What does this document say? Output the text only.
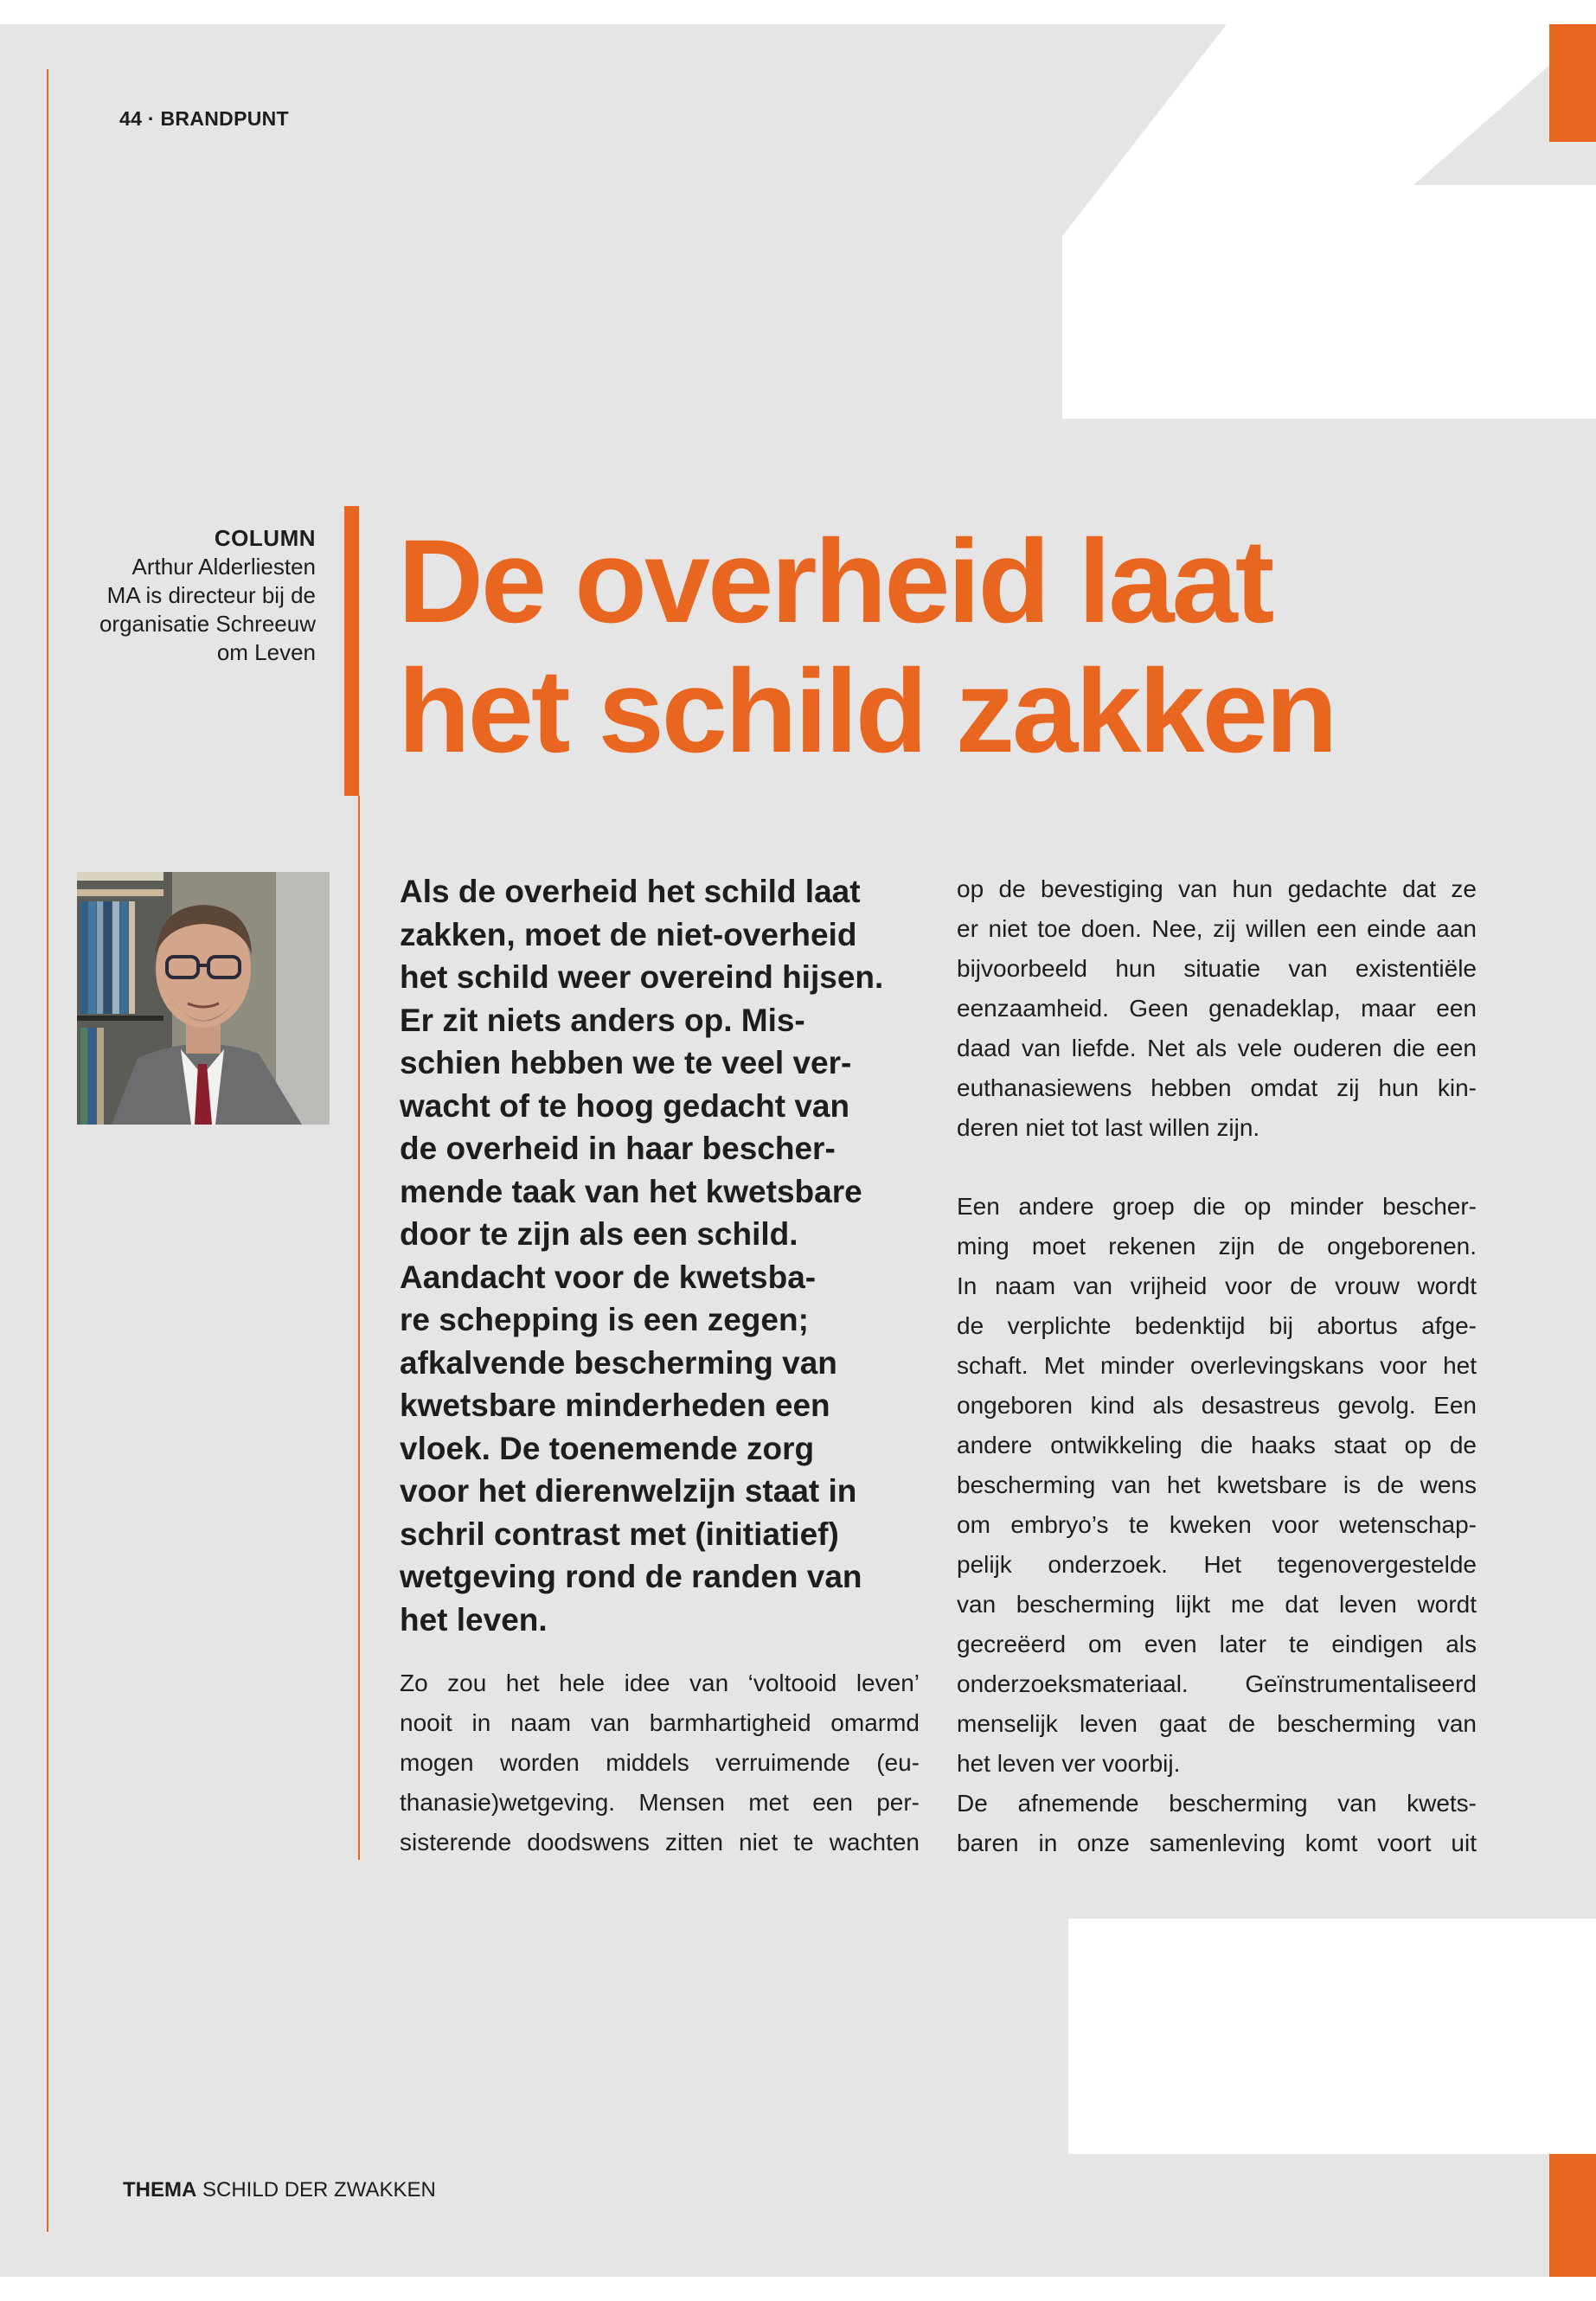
44 · BRANDPUNT
COLUMN
Arthur Alderliesten
MA is directeur bij de
organisatie Schreeuw
om Leven
De overheid laat
het schild zakken

Als de overheid het schild laat
zakken, moet de niet-overheid
het schild weer overeind hijsen.
Er zit niets anders op. Mis-
schien hebben we te veel ver-
wacht of te hoog gedacht van
de overheid in haar bescher-
mende taak van het kwetsbare
door te zijn als een schild.
Aandacht voor de kwetsba-
re schepping is een zegen;
afkalvende bescherming van
kwetsbare minderheden een
vloek. De toenemende zorg
voor het dierenwelzijn staat in
schril contrast met (initiatief)
wetgeving rond de randen van
het leven.

Zo zou het hele idee van ‘voltooid leven’
nooit in naam van barmhartigheid omarmd
mogen worden middels verruimende (eu-
thanasie)wetgeving. Mensen met een per-
sisterende doodswens zitten niet te wachten

op de bevestiging van hun gedachte dat ze
er niet toe doen. Nee, zij willen een einde aan
bijvoorbeeld hun situatie van existentiële
eenzaamheid. Geen genadeklap, maar een
daad van liefde. Net als vele ouderen die een
euthanasiewens hebben omdat zij hun kin-
deren niet tot last willen zijn.

Een andere groep die op minder bescher-
ming moet rekenen zijn de ongeborenen.
In naam van vrijheid voor de vrouw wordt
de verplichte bedenktijd bij abortus afge-
schaft. Met minder overlevingskans voor het
ongeboren kind als desastreus gevolg. Een
andere ontwikkeling die haaks staat op de
bescherming van het kwetsbare is de wens
om embryo’s te kweken voor wetenschap-
pelijk onderzoek. Het tegenovergestelde
van bescherming lijkt me dat leven wordt
gecreëerd om even later te eindigen als
onderzoeksmateriaal. Geïnstrumentaliseerd
menselijk leven gaat de bescherming van
het leven ver voorbij.

De afnemende bescherming van kwets-
baren in onze samenleving komt voort uit

THEMA SCHILD DER ZWAKKEN
